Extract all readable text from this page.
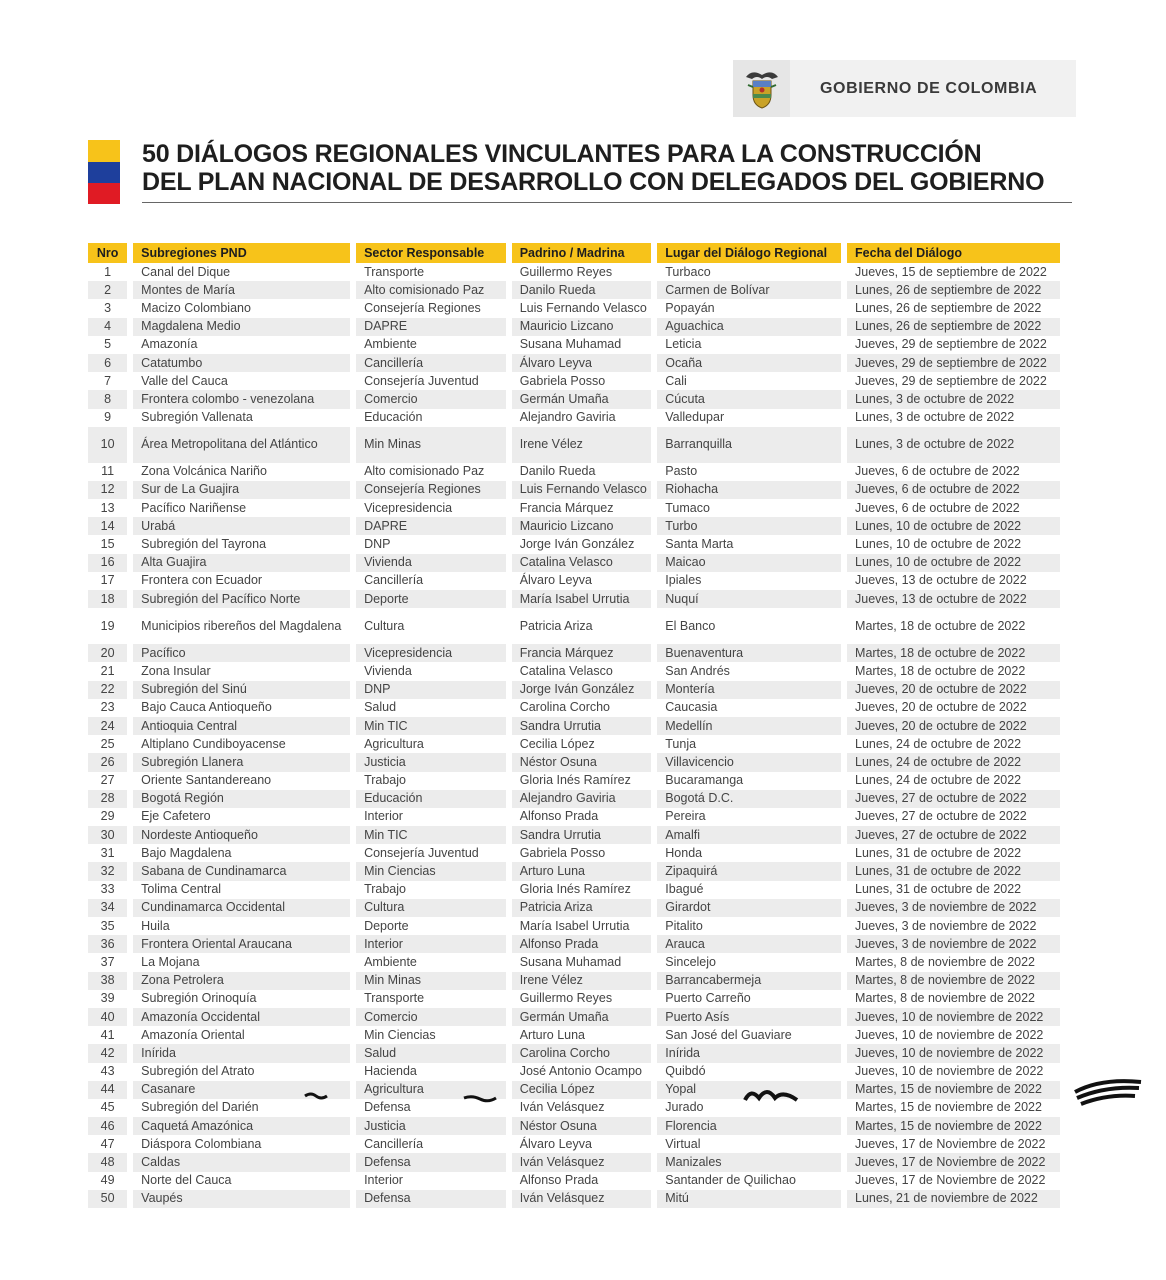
GOBIERNO DE COLOMBIA
50 DIÁLOGOS REGIONALES VINCULANTES PARA LA CONSTRUCCIÓN
DEL PLAN NACIONAL DE DESARROLLO CON DELEGADOS DEL GOBIERNO
Nro	Subregiones PND	Sector Responsable	Padrino / Madrina	Lugar del Diálogo Regional	Fecha del Diálogo
1	Canal del Dique	Transporte	Guillermo Reyes	Turbaco	Jueves, 15 de septiembre de 2022
2	Montes de María	Alto comisionado Paz	Danilo Rueda	Carmen de Bolívar	Lunes, 26 de septiembre de 2022
3	Macizo Colombiano	Consejería Regiones	Luis Fernando Velasco	Popayán	Lunes, 26 de septiembre de 2022
4	Magdalena Medio	DAPRE	Mauricio Lizcano	Aguachica	Lunes, 26 de septiembre de 2022
5	Amazonía	Ambiente	Susana Muhamad	Leticia	Jueves, 29 de septiembre de 2022
6	Catatumbo	Cancillería	Álvaro Leyva	Ocaña	Jueves, 29 de septiembre de 2022
7	Valle del Cauca	Consejería Juventud	Gabriela Posso	Cali	Jueves, 29 de septiembre de 2022
8	Frontera colombo - venezolana	Comercio	Germán Umaña	Cúcuta	Lunes, 3 de octubre de 2022
9	Subregión Vallenata	Educación	Alejandro Gaviria	Valledupar	Lunes, 3 de octubre de 2022
10	Área Metropolitana del Atlántico	Min Minas	Irene Vélez	Barranquilla	Lunes, 3 de octubre de 2022
11	Zona Volcánica Nariño	Alto comisionado Paz	Danilo Rueda	Pasto	Jueves, 6 de octubre de 2022
12	Sur de La Guajira	Consejería Regiones	Luis Fernando Velasco	Riohacha	Jueves, 6 de octubre de 2022
13	Pacífico Nariñense	Vicepresidencia	Francia Márquez	Tumaco	Jueves, 6 de octubre de 2022
14	Urabá	DAPRE	Mauricio Lizcano	Turbo	Lunes, 10 de octubre de 2022
15	Subregión del Tayrona	DNP	Jorge Iván González	Santa Marta	Lunes, 10 de octubre de 2022
16	Alta Guajira	Vivienda	Catalina Velasco	Maicao	Lunes, 10 de octubre de 2022
17	Frontera con Ecuador	Cancillería	Álvaro Leyva	Ipiales	Jueves, 13 de octubre de 2022
18	Subregión del Pacífico Norte	Deporte	María Isabel Urrutia	Nuquí	Jueves, 13 de octubre de 2022
19	Municipios ribereños del Magdalena	Cultura	Patricia Ariza	El Banco	Martes, 18 de octubre de 2022
20	Pacífico	Vicepresidencia	Francia Márquez	Buenaventura	Martes, 18 de octubre de 2022
21	Zona Insular	Vivienda	Catalina Velasco	San Andrés	Martes, 18 de octubre de 2022
22	Subregión del Sinú	DNP	Jorge Iván González	Montería	Jueves, 20 de octubre de 2022
23	Bajo Cauca Antioqueño	Salud	Carolina Corcho	Caucasia	Jueves, 20 de octubre de 2022
24	Antioquia Central	Min TIC	Sandra Urrutia	Medellín	Jueves, 20 de octubre de 2022
25	Altiplano Cundiboyacense	Agricultura	Cecilia López	Tunja	Lunes, 24 de octubre de 2022
26	Subregión Llanera	Justicia	Néstor Osuna	Villavicencio	Lunes, 24 de octubre de 2022
27	Oriente Santandereano	Trabajo	Gloria Inés Ramírez	Bucaramanga	Lunes, 24 de octubre de 2022
28	Bogotá Región	Educación	Alejandro Gaviria	Bogotá D.C.	Jueves, 27 de octubre de 2022
29	Eje Cafetero	Interior	Alfonso Prada	Pereira	Jueves, 27 de octubre de 2022
30	Nordeste Antioqueño	Min TIC	Sandra Urrutia	Amalfi	Jueves, 27 de octubre de 2022
31	Bajo Magdalena	Consejería Juventud	Gabriela Posso	Honda	Lunes, 31 de octubre de 2022
32	Sabana de Cundinamarca	Min Ciencias	Arturo Luna	Zipaquirá	Lunes, 31 de octubre de 2022
33	Tolima Central	Trabajo	Gloria Inés Ramírez	Ibagué	Lunes, 31 de octubre de 2022
34	Cundinamarca Occidental	Cultura	Patricia Ariza	Girardot	Jueves, 3 de noviembre de 2022
35	Huila	Deporte	María Isabel Urrutia	Pitalito	Jueves, 3 de noviembre de 2022
36	Frontera Oriental Araucana	Interior	Alfonso Prada	Arauca	Jueves, 3 de noviembre de 2022
37	La Mojana	Ambiente	Susana Muhamad	Sincelejo	Martes, 8 de noviembre de 2022
38	Zona Petrolera	Min Minas	Irene Vélez	Barrancabermeja	Martes, 8 de noviembre de 2022
39	Subregión Orinoquía	Transporte	Guillermo Reyes	Puerto Carreño	Martes, 8 de noviembre de 2022
40	Amazonía Occidental	Comercio	Germán Umaña	Puerto Asís	Jueves, 10 de noviembre de 2022
41	Amazonía Oriental	Min Ciencias	Arturo Luna	San José del Guaviare	Jueves, 10 de noviembre de 2022
42	Inírida	Salud	Carolina Corcho	Inírida	Jueves, 10 de noviembre de 2022
43	Subregión del Atrato	Hacienda	José Antonio Ocampo	Quibdó	Jueves, 10 de noviembre de 2022
44	Casanare	Agricultura	Cecilia López	Yopal	Martes, 15 de noviembre de 2022
45	Subregión del Darién	Defensa	Iván Velásquez	Jurado	Martes, 15 de noviembre de 2022
46	Caquetá Amazónica	Justicia	Néstor Osuna	Florencia	Martes, 15 de noviembre de 2022
47	Diáspora Colombiana	Cancillería	Álvaro Leyva	Virtual	Jueves, 17 de Noviembre de 2022
48	Caldas	Defensa	Iván Velásquez	Manizales	Jueves, 17 de Noviembre de 2022
49	Norte del Cauca	Interior	Alfonso Prada	Santander de Quilichao	Jueves, 17 de Noviembre de 2022
50	Vaupés	Defensa	Iván Velásquez	Mitú	Lunes, 21 de noviembre de 2022
